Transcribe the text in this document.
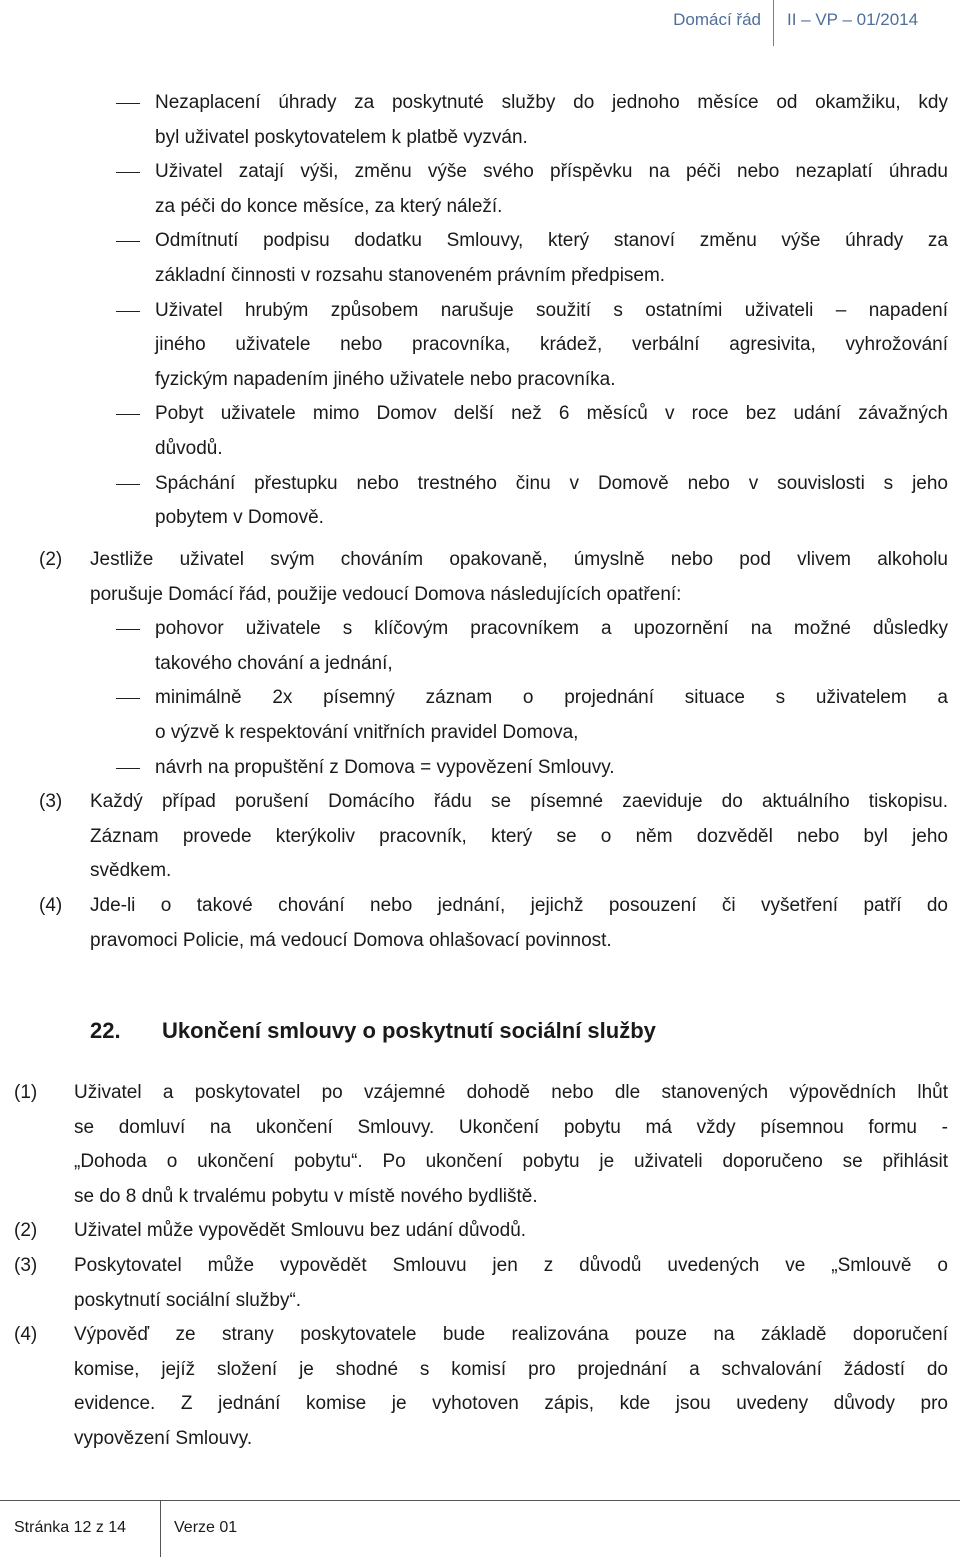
Domácí řád II – VP – 01/2014
Nezaplacení úhrady za poskytnuté služby do jednoho měsíce od okamžiku, kdy
byl uživatel poskytovatelem k platbě vyzván.
Uživatel zatají výši, změnu výše svého příspěvku na péči nebo nezaplatí úhradu
za péči do konce měsíce, za který náleží.
Odmítnutí podpisu dodatku Smlouvy, který stanoví změnu výše úhrady za
základní činnosti v rozsahu stanoveném právním předpisem.
Uživatel hrubým způsobem narušuje soužití s ostatními uživateli – napadení
jiného uživatele nebo pracovníka, krádež, verbální agresivita, vyhrožování
fyzickým napadením jiného uživatele nebo pracovníka.
Pobyt uživatele mimo Domov delší než 6 měsíců v roce bez udání závažných
důvodů.
Spáchání přestupku nebo trestného činu v Domově nebo v souvislosti s jeho
pobytem v Domově.
(2) Jestliže uživatel svým chováním opakovaně, úmyslně nebo pod vlivem alkoholu
porušuje Domácí řád, použije vedoucí Domova následujících opatření:
pohovor uživatele s klíčovým pracovníkem a upozornění na možné důsledky
takového chování a jednání,
minimálně 2x písemný záznam o projednání situace s uživatelem a
o výzvě k respektování vnitřních pravidel Domova,
návrh na propuštění z Domova = vypovězení Smlouvy.
(3) Každý případ porušení Domácího řádu se písemné zaeviduje do aktuálního tiskopisu.
Záznam provede kterýkoliv pracovník, který se o něm dozvěděl nebo byl jeho
svědkem.
(4) Jde-li o takové chování nebo jednání, jejichž posouzení či vyšetření patří do
pravomoci Policie, má vedoucí Domova ohlašovací povinnost.
22. Ukončení smlouvy o poskytnutí sociální služby
(1) Uživatel a poskytovatel po vzájemné dohodě nebo dle stanovených výpovědních lhůt
se domluví na ukončení Smlouvy. Ukončení pobytu má vždy písemnou formu -
„Dohoda o ukončení pobytu“. Po ukončení pobytu je uživateli doporučeno se přihlásit
se do 8 dnů k trvalému pobytu v místě nového bydliště.
(2) Uživatel může vypovědět Smlouvu bez udání důvodů.
(3) Poskytovatel může vypovědět Smlouvu jen z důvodů uvedených ve „Smlouvě o
poskytnutí sociální služby“.
(4) Výpověď ze strany poskytovatele bude realizována pouze na základě doporučení
komise, jejíž složení je shodné s komisí pro projednání a schvalování žádostí do
evidence. Z jednání komise je vyhotoven zápis, kde jsou uvedeny důvody pro
vypovězení Smlouvy.
Stránka 12 z 14	Verze 01
